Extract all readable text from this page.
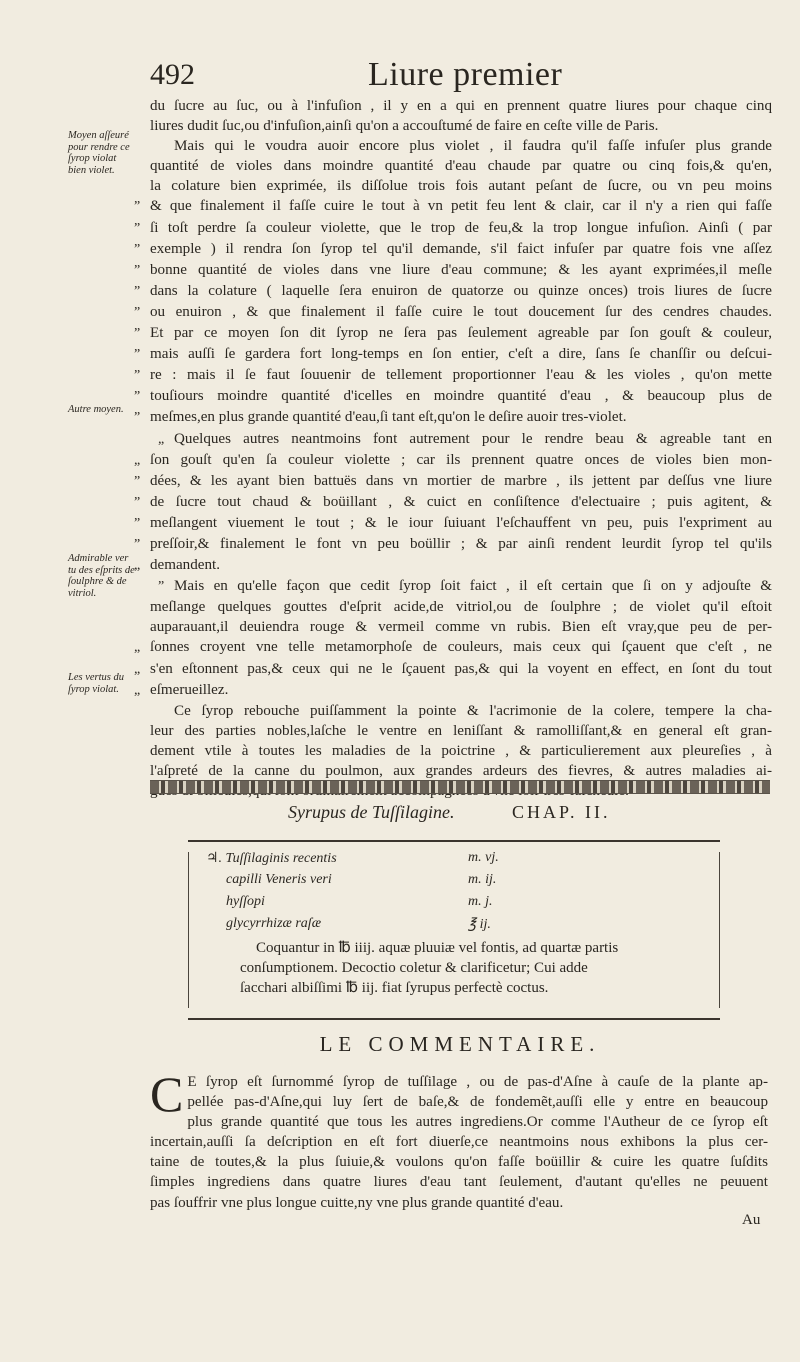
492	Liure premier
Moyen aſſeuré
pour rendre ce
ſyrop violat
bien violet.
Autre moyen.
Admirable ver
tu des eſprits de
ſoulphre & de
vitriol.
Les vertus du
ſyrop violat.
du ſucre au ſuc, ou à l'infuſion , il y en a qui en prennent quatre liures pour chaque cinq
liures dudit ſuc,ou d'infuſion,ainſi qu'on a accouſtumé de faire en ceſte ville de Paris.
Mais qui le voudra auoir encore plus violet , il faudra qu'il faſſe infuſer plus grande
quantité de violes dans moindre quantité d'eau chaude par quatre ou cinq fois,& qu'en,
la colature bien exprimée, ils diſſolue trois fois autant peſant de ſucre, ou vn peu moins
” & que finalement il faſſe cuire le tout à vn petit feu lent & clair, car il n'y a rien qui faſſe
” ſi toſt perdre ſa couleur violette, que le trop de feu,& la trop longue infuſion. Ainſi ( par
” exemple ) il rendra ſon ſyrop tel qu'il demande, s'il faict infuſer par quatre fois vne aſſez
” bonne quantité de violes dans vne liure d'eau commune; & les ayant exprimées,il meſle
” dans la colature ( laquelle ſera enuiron de quatorze ou quinze onces) trois liures de ſucre
” ou enuiron , & que finalement il faſſe cuire le tout doucement ſur des cendres chaudes.
” Et par ce moyen ſon dit ſyrop ne ſera pas ſeulement agreable par ſon gouſt & couleur,
” mais auſſi ſe gardera fort long-temps en ſon entier, c'eſt a dire, ſans ſe chanſſir ou deſcui-
” re : mais il ſe faut ſouuenir de tellement proportionner l'eau & les violes , qu'on mette
” touſiours moindre quantité d'icelles en moindre quantité d'eau , & beaucoup plus de
” meſmes,en plus grande quantité d'eau,ſi tant eſt,qu'on le deſire auoir tres-violet.
„ Quelques autres neantmoins font autrement pour le rendre beau & agreable tant en
„ ſon gouſt qu'en ſa couleur violette ; car ils prennent quatre onces de violes bien mon-
” dées, & les ayant bien battuës dans vn mortier de marbre , ils jettent par deſſus vne liure
” de ſucre tout chaud & boüillant , & cuict en conſiſtence d'electuaire ; puis agitent, &
” meſlangent viuement le tout ; & le iour ſuiuant l'eſchauffent vn peu, puis l'expriment au
” preſſoir,& finalement le font vn peu boüllir ; & par ainſi rendent leurdit ſyrop tel qu'ils
„ demandent.
” Mais en qu'elle façon que cedit ſyrop ſoit faict , il eſt certain que ſi on y adjouſte &
meſlange quelques gouttes d'eſprit acide,de vitriol,ou de ſoulphre ; de violet qu'il eſtoit
auparauant,il deuiendra rouge & vermeil comme vn rubis. Bien eſt vray,que peu de per-
„ ſonnes croyent vne telle metamorphoſe de couleurs, mais ceux qui ſçauent que c'eſt , ne
„ s'en eſtonnent pas,& ceux qui ne le ſçauent pas,& qui la voyent en effect, en ſont du tout
„ eſmerueillez.
Ce ſyrop rebouche puiſſamment la pointe & l'acrimonie de la colere, tempere la cha-
leur des parties nobles,laſche le ventre en leniſſant & ramolliſſant,& en general eſt gran-
dement vtile à toutes les maladies de la poictrine , & particulierement aux pleureſies , à
l'aſpreté de la canne du poulmon, aux grandes ardeurs des fievres, & autres maladies ai-
Syrupus de Tuſſilagine.	CHAP. II.
♃. Tuſſilaginis recentis	m. vj.
capilli Veneris veri	m. ij.
hyſſopi	m. j.
glycyrrhizæ raſæ	℥ ij.
Coquantur in ℔ iiij. aquæ pluuiæ vel fontis, ad quartæ partis
conſumptionem. Decoctio coletur & clarificetur; Cui adde
ſacchari albiſſimi ℔ iij. fiat ſyrupus perfectè coctus.
LE COMMENTAIRE.
C E ſyrop eſt ſurnommé ſyrop de tuſſilage , ou de pas-d'Aſne à cauſe de la plante ap-
pellée pas-d'Aſne,qui luy ſert de baſe,& de fondemẽt,auſſi elle y entre en beaucoup
plus grande quantité que tous les autres ingrediens.Or comme l'Autheur de ce ſyrop eſt
incertain,auſſi ſa deſcription en eſt fort diuerſe,ce neantmoins nous exhibons la plus cer-
taine de toutes,& la plus ſuiuie,& voulons qu'on faſſe boüillir & cuire les quatre ſuſdits
ſimples ingrediens dans quatre liures d'eau tant ſeulement, d'autant qu'elles ne peuuent
pas ſouffrir vne plus longue cuitte,ny vne plus grande quantité d'eau.
Au
